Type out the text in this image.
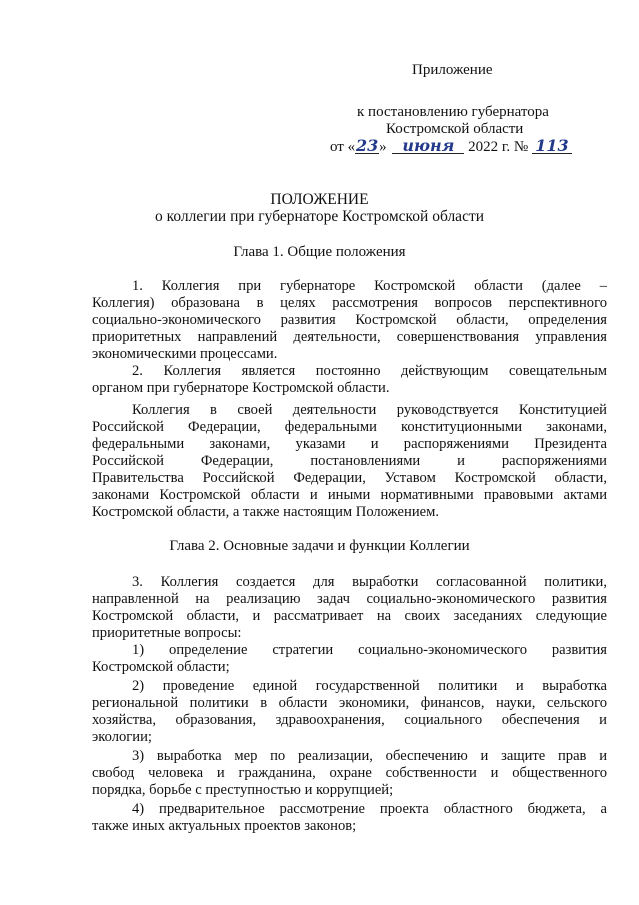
Приложение
к постановлению губернатора
Костромской области
от «23» июня 2022 г. № 113
ПОЛОЖЕНИЕ
о коллегии при губернаторе Костромской области
Глава 1. Общие положения
1. Коллегия при губернаторе Костромской области (далее –
Коллегия) образована в целях рассмотрения вопросов перспективного
социально-экономического развития Костромской области, определения
приоритетных направлений деятельности, совершенствования управления
экономическими процессами.
2. Коллегия является постоянно действующим совещательным
органом при губернаторе Костромской области.
Коллегия в своей деятельности руководствуется Конституцией
Российской Федерации, федеральными конституционными законами,
федеральными законами, указами и распоряжениями Президента
Российской Федерации, постановлениями и распоряжениями
Правительства Российской Федерации, Уставом Костромской области,
законами Костромской области и иными нормативными правовыми актами
Костромской области, а также настоящим Положением.
Глава 2. Основные задачи и функции Коллегии
3. Коллегия создается для выработки согласованной политики,
направленной на реализацию задач социально-экономического развития
Костромской области, и рассматривает на своих заседаниях следующие
приоритетные вопросы:
1) определение стратегии социально-экономического развития
Костромской области;
2) проведение единой государственной политики и выработка
региональной политики в области экономики, финансов, науки, сельского
хозяйства, образования, здравоохранения, социального обеспечения и
экологии;
3) выработка мер по реализации, обеспечению и защите прав и
свобод человека и гражданина, охране собственности и общественного
порядка, борьбе с преступностью и коррупцией;
4) предварительное рассмотрение проекта областного бюджета, а
также иных актуальных проектов законов;
